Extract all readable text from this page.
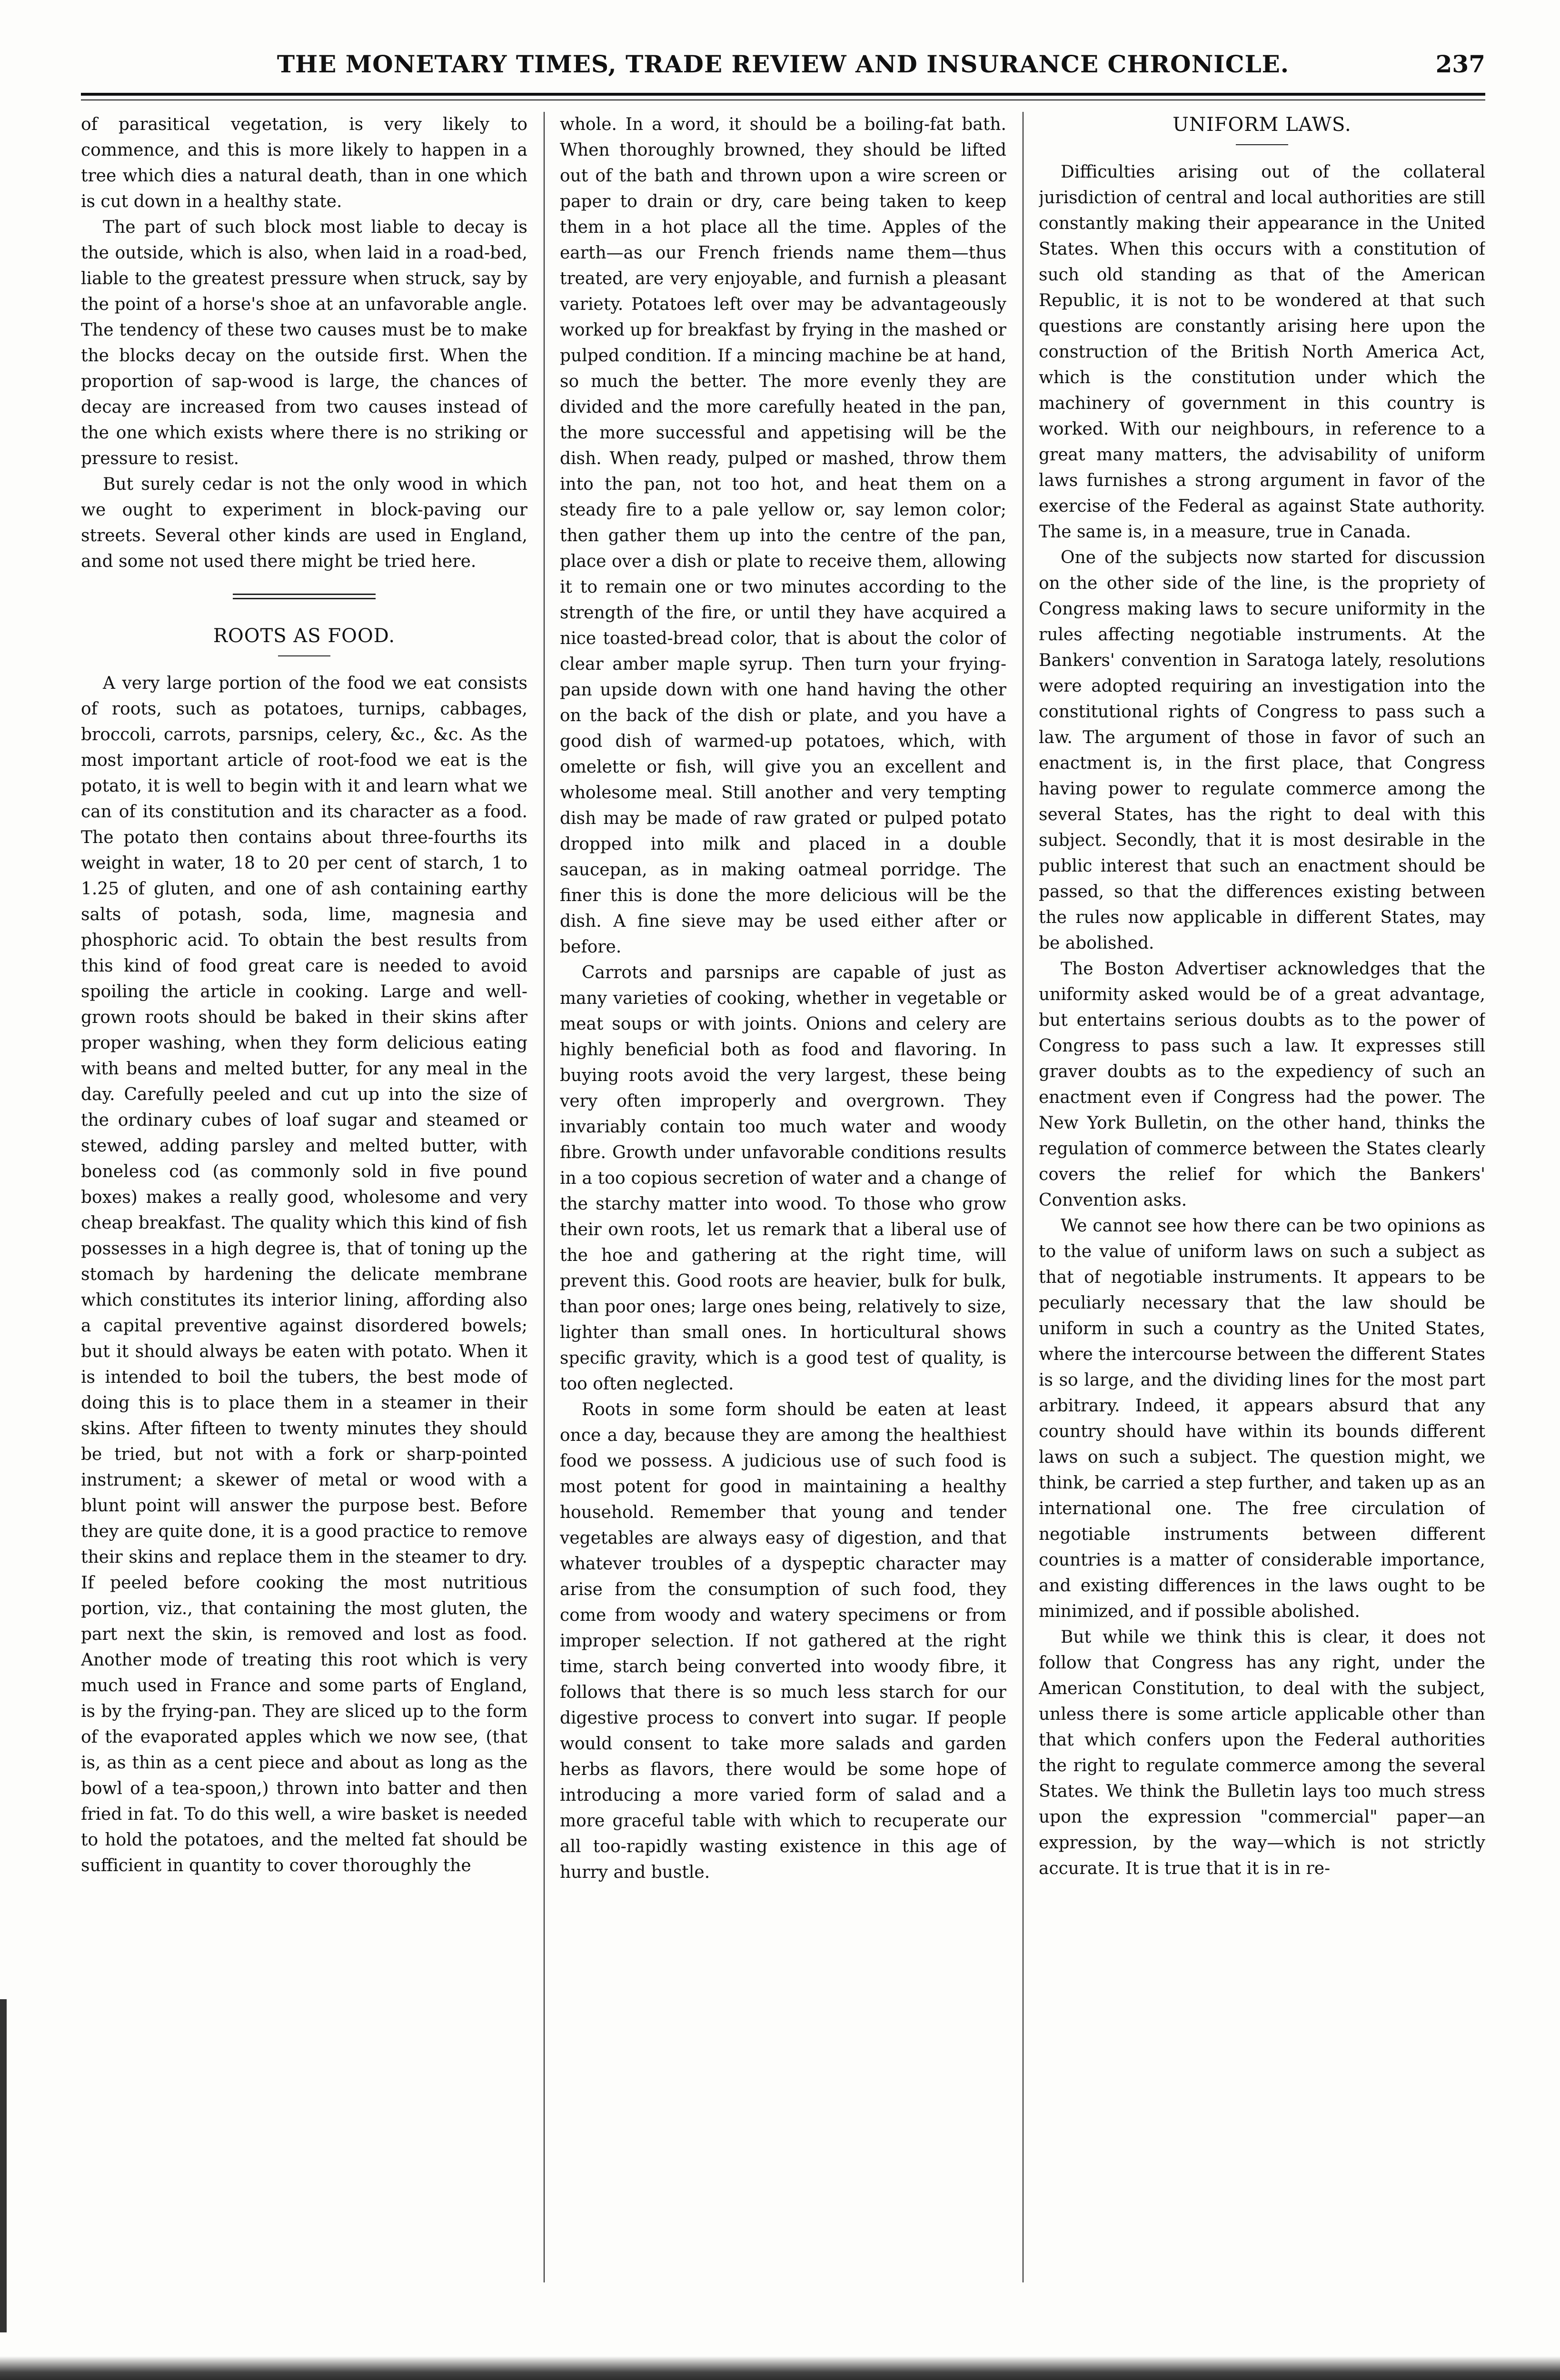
THE MONETARY TIMES, TRADE REVIEW AND INSURANCE CHRONICLE.	237

of parasitical vegetation, is very likely to commence, and this is more likely to happen in a tree which dies a natural death, than in one which is cut down in a healthy state.

The part of such block most liable to decay is the outside, which is also, when laid in a road-bed, liable to the greatest pressure when struck, say by the point of a horse's shoe at an unfavorable angle. The tendency of these two causes must be to make the blocks decay on the outside first. When the proportion of sap-wood is large, the chances of decay are increased from two causes instead of the one which exists where there is no striking or pressure to resist.

But surely cedar is not the only wood in which we ought to experiment in block-paving our streets. Several other kinds are used in England, and some not used there might be tried here.

ROOTS AS FOOD.

A very large portion of the food we eat consists of roots, such as potatoes, turnips, cabbages, broccoli, carrots, parsnips, celery, &c., &c. As the most important article of root-food we eat is the potato, it is well to begin with it and learn what we can of its constitution and its character as a food. The potato then contains about three-fourths its weight in water, 18 to 20 per cent of starch, 1 to 1.25 of gluten, and one of ash containing earthy salts of potash, soda, lime, magnesia and phosphoric acid. To obtain the best results from this kind of food great care is needed to avoid spoiling the article in cooking. Large and well-grown roots should be baked in their skins after proper washing, when they form delicious eating with beans and melted butter, for any meal in the day. Carefully peeled and cut up into the size of the ordinary cubes of loaf sugar and steamed or stewed, adding parsley and melted butter, with boneless cod (as commonly sold in five pound boxes) makes a really good, wholesome and very cheap breakfast. The quality which this kind of fish possesses in a high degree is, that of toning up the stomach by hardening the delicate membrane which constitutes its interior lining, affording also a capital preventive against disordered bowels; but it should always be eaten with potato. When it is intended to boil the tubers, the best mode of doing this is to place them in a steamer in their skins. After fifteen to twenty minutes they should be tried, but not with a fork or sharp-pointed instrument; a skewer of metal or wood with a blunt point will answer the purpose best. Before they are quite done, it is a good practice to remove their skins and replace them in the steamer to dry. If peeled before cooking the most nutritious portion, viz., that containing the most gluten, the part next the skin, is removed and lost as food. Another mode of treating this root which is very much used in France and some parts of England, is by the frying-pan. They are sliced up to the form of the evaporated apples which we now see, (that is, as thin as a cent piece and about as long as the bowl of a tea-spoon,) thrown into batter and then fried in fat. To do this well, a wire basket is needed to hold the potatoes, and the melted fat should be sufficient in quantity to cover thoroughly the

whole. In a word, it should be a boiling-fat bath. When thoroughly browned, they should be lifted out of the bath and thrown upon a wire screen or paper to drain or dry, care being taken to keep them in a hot place all the time. Apples of the earth—as our French friends name them—thus treated, are very enjoyable, and furnish a pleasant variety. Potatoes left over may be advantageously worked up for breakfast by frying in the mashed or pulped condition. If a mincing machine be at hand, so much the better. The more evenly they are divided and the more carefully heated in the pan, the more successful and appetising will be the dish. When ready, pulped or mashed, throw them into the pan, not too hot, and heat them on a steady fire to a pale yellow or, say lemon color; then gather them up into the centre of the pan, place over a dish or plate to receive them, allowing it to remain one or two minutes according to the strength of the fire, or until they have acquired a nice toasted-bread color, that is about the color of clear amber maple syrup. Then turn your frying-pan upside down with one hand having the other on the back of the dish or plate, and you have a good dish of warmed-up potatoes, which, with omelette or fish, will give you an excellent and wholesome meal. Still another and very tempting dish may be made of raw grated or pulped potato dropped into milk and placed in a double saucepan, as in making oatmeal porridge. The finer this is done the more delicious will be the dish. A fine sieve may be used either after or before.

Carrots and parsnips are capable of just as many varieties of cooking, whether in vegetable or meat soups or with joints. Onions and celery are highly beneficial both as food and flavoring. In buying roots avoid the very largest, these being very often improperly and overgrown. They invariably contain too much water and woody fibre. Growth under unfavorable conditions results in a too copious secretion of water and a change of the starchy matter into wood. To those who grow their own roots, let us remark that a liberal use of the hoe and gathering at the right time, will prevent this. Good roots are heavier, bulk for bulk, than poor ones; large ones being, relatively to size, lighter than small ones. In horticultural shows specific gravity, which is a good test of quality, is too often neglected.

Roots in some form should be eaten at least once a day, because they are among the healthiest food we possess. A judicious use of such food is most potent for good in maintaining a healthy household. Remember that young and tender vegetables are always easy of digestion, and that whatever troubles of a dyspeptic character may arise from the consumption of such food, they come from woody and watery specimens or from improper selection. If not gathered at the right time, starch being converted into woody fibre, it follows that there is so much less starch for our digestive process to convert into sugar. If people would consent to take more salads and garden herbs as flavors, there would be some hope of introducing a more varied form of salad and a more graceful table with which to recuperate our all too-rapidly wasting existence in this age of hurry and bustle.

UNIFORM LAWS.

Difficulties arising out of the collateral jurisdiction of central and local authorities are still constantly making their appearance in the United States. When this occurs with a constitution of such old standing as that of the American Republic, it is not to be wondered at that such questions are constantly arising here upon the construction of the British North America Act, which is the constitution under which the machinery of government in this country is worked. With our neighbours, in reference to a great many matters, the advisability of uniform laws furnishes a strong argument in favor of the exercise of the Federal as against State authority. The same is, in a measure, true in Canada.

One of the subjects now started for discussion on the other side of the line, is the propriety of Congress making laws to secure uniformity in the rules affecting negotiable instruments. At the Bankers' convention in Saratoga lately, resolutions were adopted requiring an investigation into the constitutional rights of Congress to pass such a law. The argument of those in favor of such an enactment is, in the first place, that Congress having power to regulate commerce among the several States, has the right to deal with this subject. Secondly, that it is most desirable in the public interest that such an enactment should be passed, so that the differences existing between the rules now applicable in different States, may be abolished.

The Boston Advertiser acknowledges that the uniformity asked would be of a great advantage, but entertains serious doubts as to the power of Congress to pass such a law. It expresses still graver doubts as to the expediency of such an enactment even if Congress had the power. The New York Bulletin, on the other hand, thinks the regulation of commerce between the States clearly covers the relief for which the Bankers' Convention asks.

We cannot see how there can be two opinions as to the value of uniform laws on such a subject as that of negotiable instruments. It appears to be peculiarly necessary that the law should be uniform in such a country as the United States, where the intercourse between the different States is so large, and the dividing lines for the most part arbitrary. Indeed, it appears absurd that any country should have within its bounds different laws on such a subject. The question might, we think, be carried a step further, and taken up as an international one. The free circulation of negotiable instruments between different countries is a matter of considerable importance, and existing differences in the laws ought to be minimized, and if possible abolished.

But while we think this is clear, it does not follow that Congress has any right, under the American Constitution, to deal with the subject, unless there is some article applicable other than that which confers upon the Federal authorities the right to regulate commerce among the several States. We think the Bulletin lays too much stress upon the expression "commercial" paper—an expression, by the way—which is not strictly accurate. It is true that it is in re-
